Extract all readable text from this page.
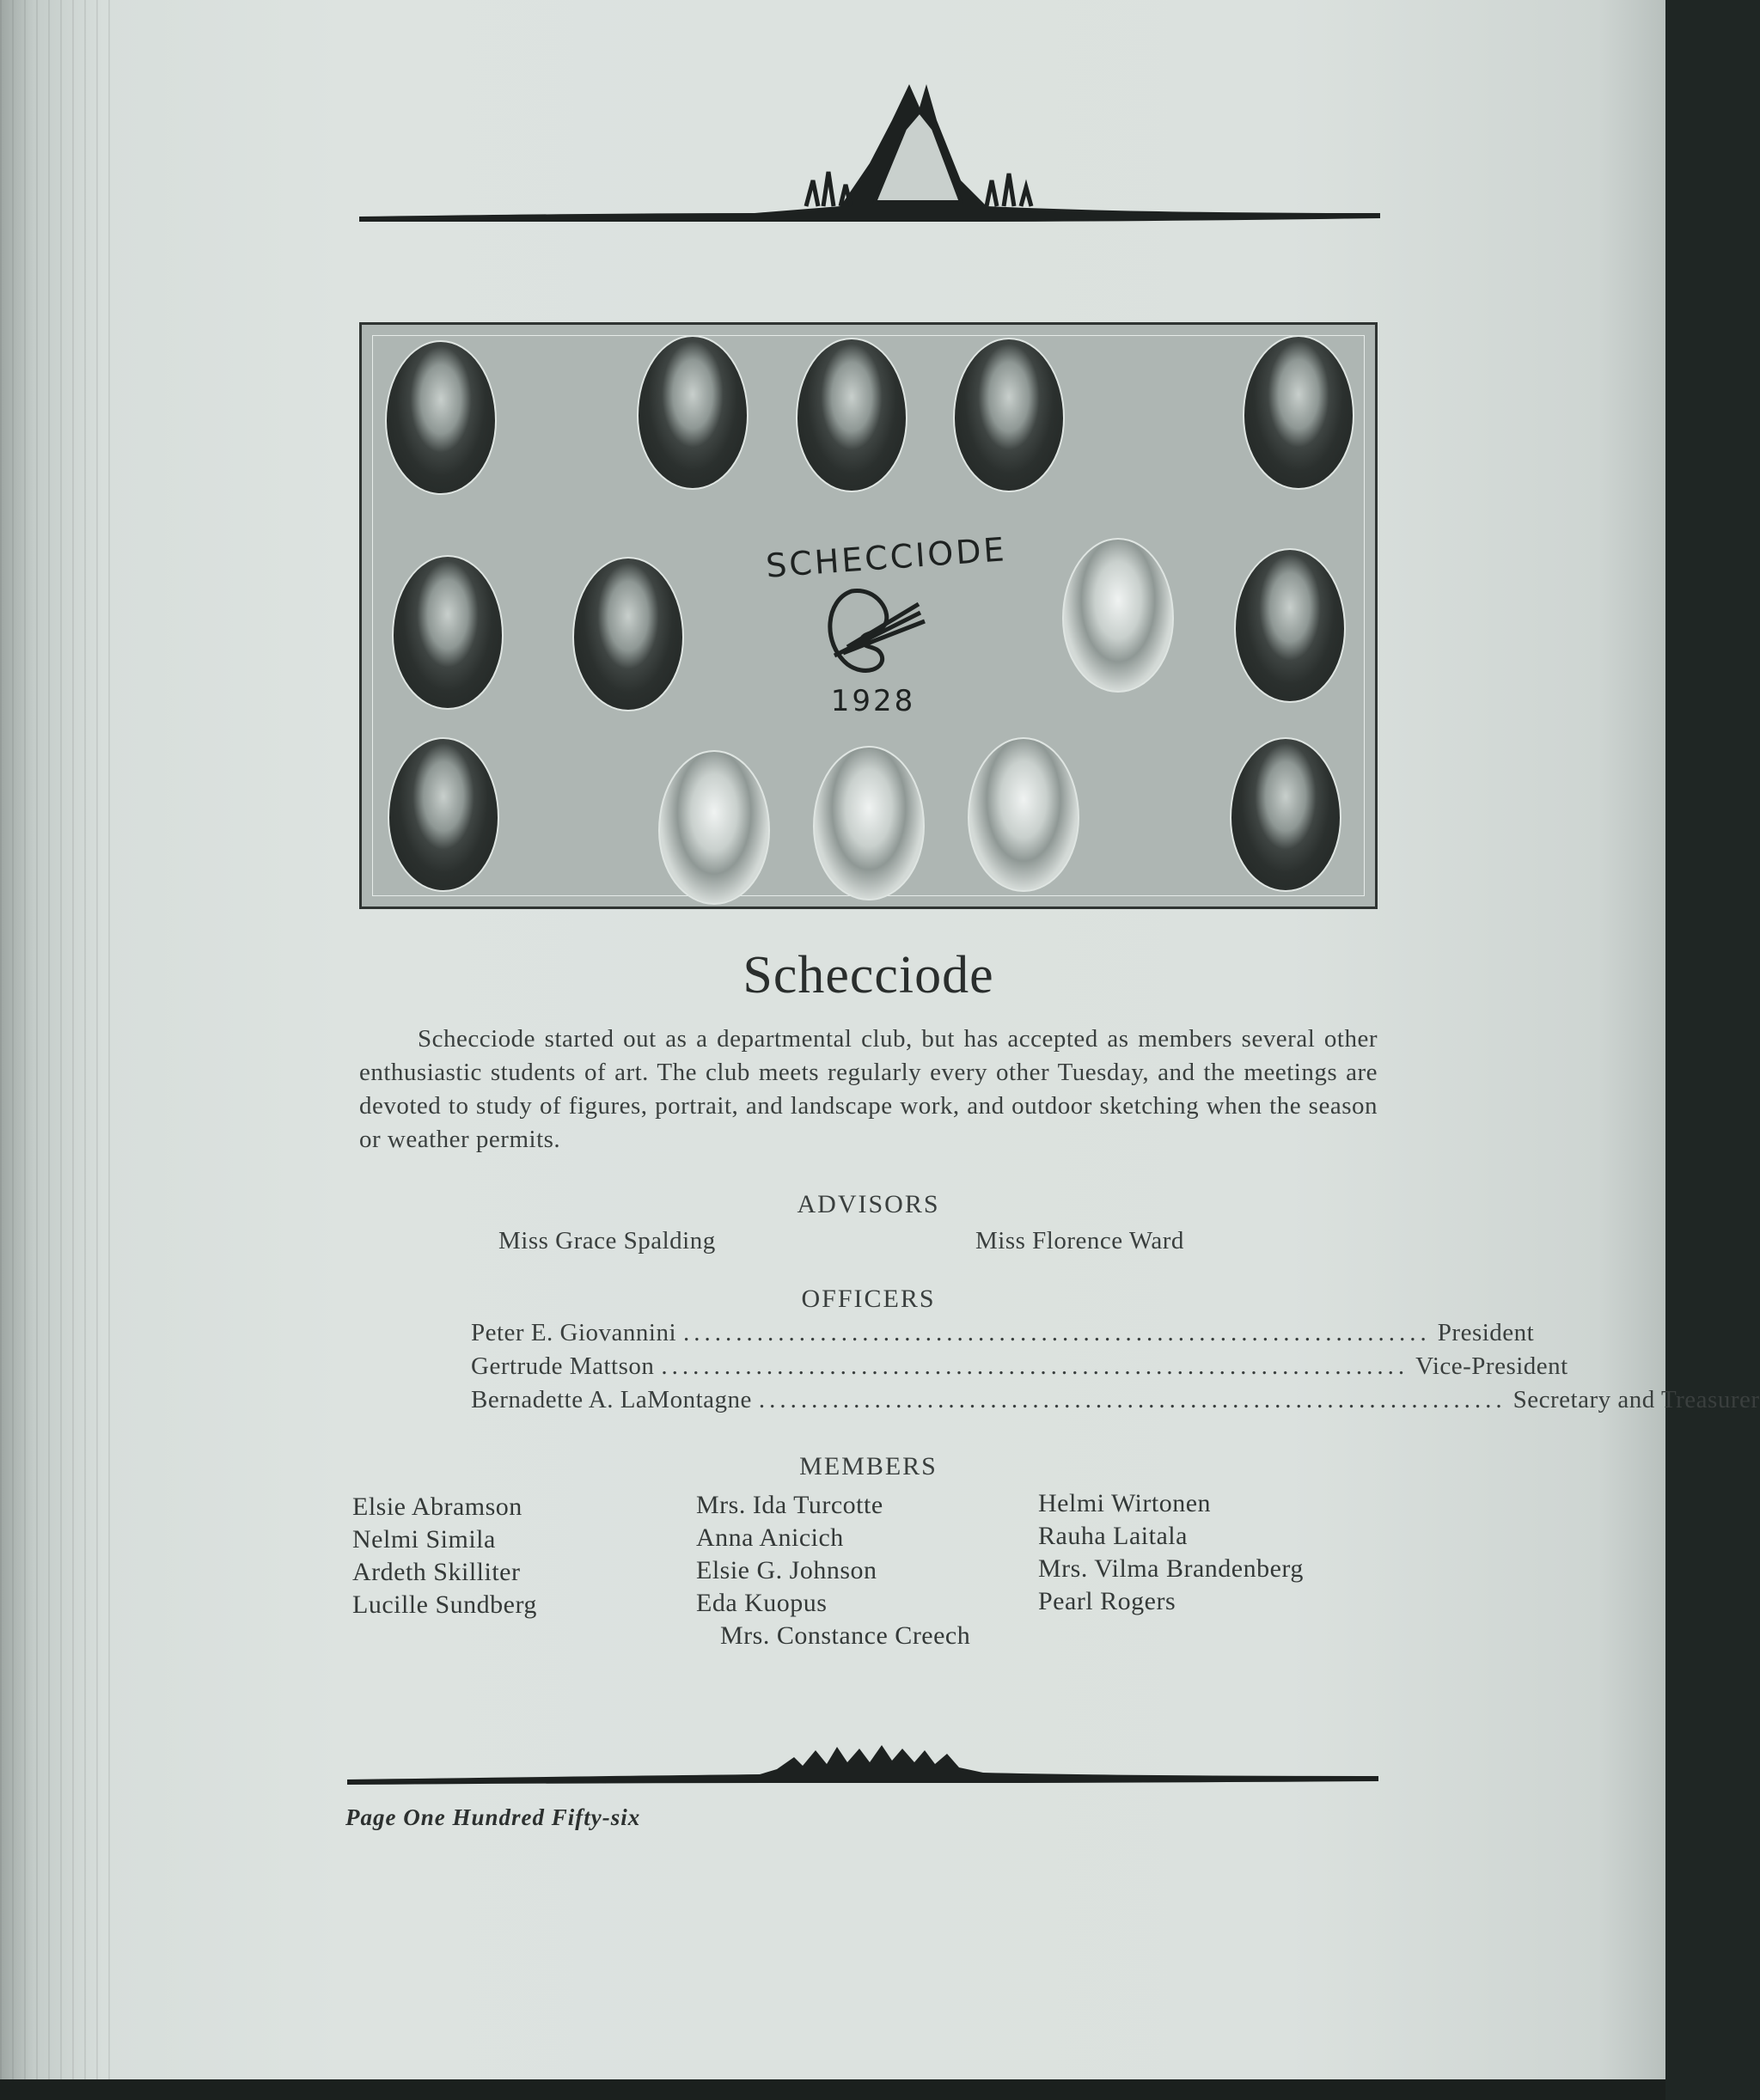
SCHECCIODE
1928
Schecciode
Schecciode started out as a departmental club, but has accepted as members several other enthusiastic students of art. The club meets regularly every other Tuesday, and the meetings are devoted to study of figures, portrait, and landscape work, and outdoor sketching when the season or weather permits.
ADVISORS
Miss Grace Spalding	Miss Florence Ward
OFFICERS
Peter E. Giovannini ....................................................................... President
Gertrude Mattson ....................................................................... Vice-President
Bernadette A. LaMontagne ....................................................................... Secretary and Treasurer
MEMBERS
Elsie Abramson
Nelmi Simila
Ardeth Skilliter
Lucille Sundberg
Mrs. Ida Turcotte
Anna Anicich
Elsie G. Johnson
Eda Kuopus
Mrs. Constance Creech
Helmi Wirtonen
Rauha Laitala
Mrs. Vilma Brandenberg
Pearl Rogers
Page One Hundred Fifty-six
